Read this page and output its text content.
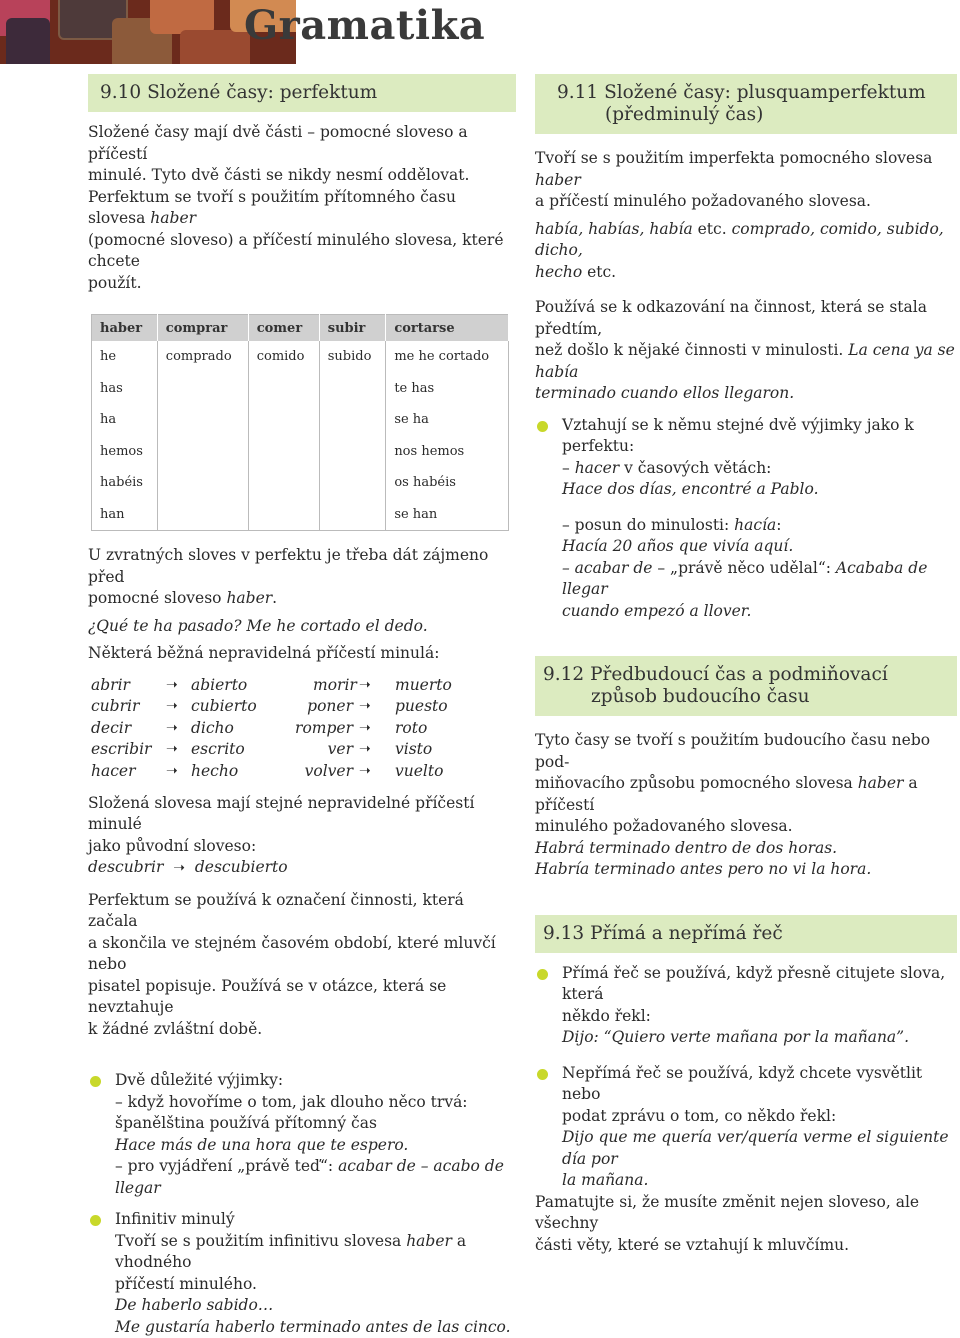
Gramatika
9.10 Složené časy: perfektum
Složené časy mají dvě části – pomocné sloveso a příčestí
minulé. Tyto dvě části se nikdy nesmí oddělovat.
Perfektum se tvoří s použitím přítomného času slovesa haber
(pomocné sloveso) a příčestí minulého slovesa, které chcete
použít.
haber	comprar	comer	subir	cortarse
he	comprado	comido	subido	me he cortado
has				te has
ha				se ha
hemos				nos hemos
habéis				os habéis
han				se han
U zvratných sloves v perfektu je třeba dát zájmeno před
pomocné sloveso haber.
¿Qué te ha pasado? Me he cortado el dedo.
Některá běžná nepravidelná příčestí minulá:
abrir	➝ abierto	morir ➝ muerto
cubrir ➝ cubierto	poner ➝ puesto
decir ➝ dicho	romper ➝ roto
escribir ➝ escrito	ver ➝ visto
hacer ➝ hecho	volver ➝ vuelto
Složená slovesa mají stejné nepravidelné příčestí minulé
jako původní sloveso:
descubrir ➝ descubierto
Perfektum se používá k označení činnosti, která začala
a skončila ve stejném časovém období, které mluvčí nebo
pisatel popisuje. Používá se v otázce, která se nevztahuje
k žádné zvláštní době.
Dvě důležité výjimky:
– když hovoříme o tom, jak dlouho něco trvá:
španělština používá přítomný čas
Hace más de una hora que te espero.
– pro vyjádření „právě teď“: acabar de – acabo de llegar
Infinitiv minulý
Tvoří se s použitím infinitivu slovesa haber a vhodného
příčestí minulého.
De haberlo sabido…
Me gustaría haberlo terminado antes de las cinco.
9.11 Složené časy: plusquamperfektum
(předminulý čas)
Tvoří se s použitím imperfekta pomocného slovesa haber
a příčestí minulého požadovaného slovesa.
había, habías, había etc. comprado, comido, subido, dicho,
hecho etc.
Používá se k odkazování na činnost, která se stala předtím,
než došlo k nějaké činnosti v minulosti. La cena ya se había
terminado cuando ellos llegaron.
Vztahují se k němu stejné dvě výjimky jako k perfektu:
– hacer v časových větách:
Hace dos días, encontré a Pablo.
– posun do minulosti: hacía:
Hacía 20 años que vivía aquí.
– acabar de – „právě něco udělal“: Acababa de llegar
cuando empezó a llover.
9.12 Předbudoucí čas a podmiňovací
způsob budoucího času
Tyto časy se tvoří s použitím budoucího času nebo pod-
miňovacího způsobu pomocného slovesa haber a příčestí
minulého požadovaného slovesa.
Habrá terminado dentro de dos horas.
Habría terminado antes pero no vi la hora.
9.13 Přímá a nepřímá řeč
Přímá řeč se používá, když přesně citujete slova, která
někdo řekl:
Dijo: “Quiero verte mañana por la mañana”.
Nepřímá řeč se používá, když chcete vysvětlit nebo
podat zprávu o tom, co někdo řekl:
Dijo que me quería ver/quería verme el siguiente día por
la mañana.
Pamatujte si, že musíte změnit nejen sloveso, ale všechny
části věty, které se vztahují k mluvčímu.
